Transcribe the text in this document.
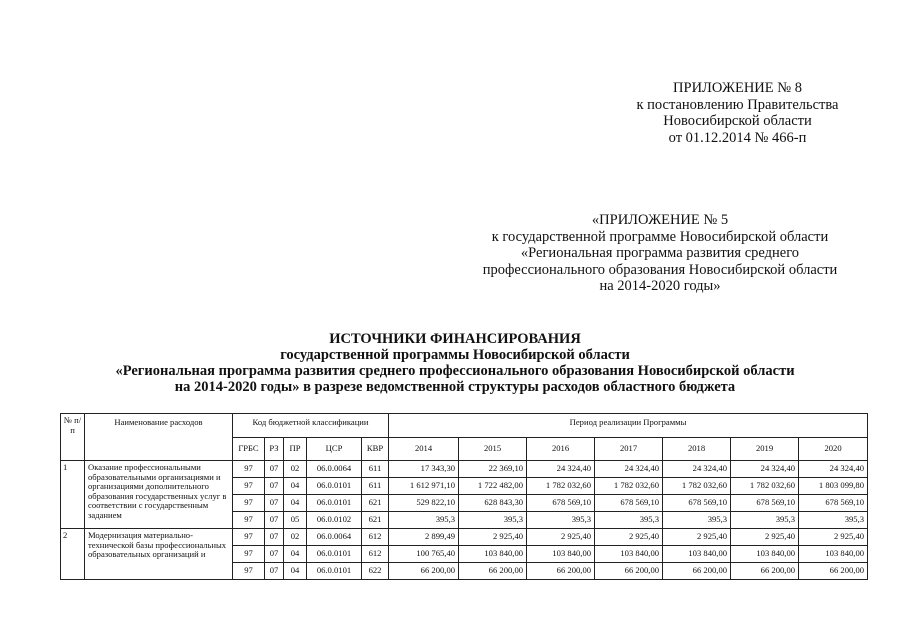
ПРИЛОЖЕНИЕ № 8
к постановлению Правительства
Новосибирской области
от 01.12.2014 № 466-п
«ПРИЛОЖЕНИЕ № 5
к государственной программе Новосибирской области
«Региональная программа развития среднего
профессионального образования Новосибирской области
на 2014-2020 годы»
ИСТОЧНИКИ ФИНАНСИРОВАНИЯ
государственной программы Новосибирской области
«Региональная программа развития среднего профессионального образования Новосибирской области
на 2014-2020 годы» в разрезе ведомственной структуры расходов областного бюджета
№ п/п	Наименование расходов	Код бюджетной классификации					Период реализации Программы						
		ГРБС	РЗ	ПР	ЦСР	КВР	2014	2015	2016	2017	2018	2019	2020
1	Оказание профессиональными образовательными организациями и организациями дополнительного образования государственных услуг в соответствии с государственным заданием	97	07	02	06.0.0064	611	17 343,30	22 369,10	24 324,40	24 324,40	24 324,40	24 324,40	24 324,40
		97	07	04	06.0.0101	611	1 612 971,10	1 722 482,00	1 782 032,60	1 782 032,60	1 782 032,60	1 782 032,60	1 803 099,80
		97	07	04	06.0.0101	621	529 822,10	628 843,30	678 569,10	678 569,10	678 569,10	678 569,10	678 569,10
		97	07	05	06.0.0102	621	395,3	395,3	395,3	395,3	395,3	395,3	395,3
2	Модернизация материально-технической базы профессиональных образовательных организаций и	97	07	02	06.0.0064	612	2 899,49	2 925,40	2 925,40	2 925,40	2 925,40	2 925,40	2 925,40
		97	07	04	06.0.0101	612	100 765,40	103 840,00	103 840,00	103 840,00	103 840,00	103 840,00	103 840,00
		97	07	04	06.0.0101	622	66 200,00	66 200,00	66 200,00	66 200,00	66 200,00	66 200,00	66 200,00
